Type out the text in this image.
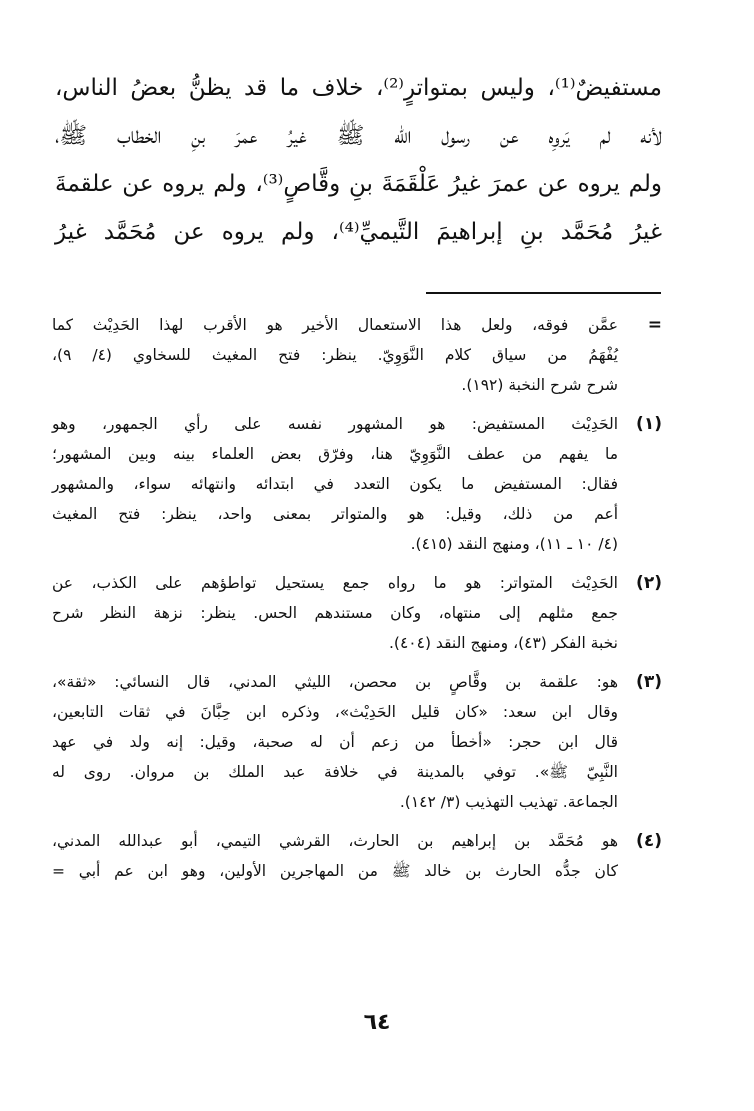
مستفيضٌ⁽¹⁾، وليس بمتواترٍ⁽²⁾، خلاف ما قد يظنُّ بعضُ الناس،
لأنه لم يَروِه عن رسول الله ﷺ غيرُ عمرَ بنِ الخطاب ﷺ،
ولم يروه عن عمرَ غيرُ عَلْقَمَةَ بنِ وقَّاصٍ⁽³⁾، ولم يروه عن علقمةَ
غيرُ مُحَمَّد بنِ إبراهيمَ التَّيميِّ⁽⁴⁾، ولم يروه عن مُحَمَّد غيرُ
=
عمَّن فوقه، ولعل هذا الاستعمال الأخير هو الأقرب لهذا الحَدِيْث كما
يُفْهَمُ من سياق كلام النَّوَوِيّ. ينظر: فتح المغيث للسخاوي (٤/ ٩)،
شرح شرح النخبة (١٩٢).
(١)
الحَدِيْث المستفيض: هو المشهور نفسه على رأي الجمهور، وهو
ما يفهم من عطف النَّوَوِيّ هنا، وفرّق بعض العلماء بينه وبين المشهور؛
فقال: المستفيض ما يكون التعدد في ابتدائه وانتهائه سواء، والمشهور
أعم من ذلك، وقيل: هو والمتواتر بمعنى واحد، ينظر: فتح المغيث
(٤/ ١٠ ـ ١١)، ومنهج النقد (٤١٥).
(٢)
الحَدِيْث المتواتر: هو ما رواه جمع يستحيل تواطؤهم على الكذب، عن
جمع مثلهم إلى منتهاه، وكان مستندهم الحس. ينظر: نزهة النظر شرح
نخبة الفكر (٤٣)، ومنهج النقد (٤٠٤).
(٣)
هو: علقمة بن وقَّاصٍ بن محصن، الليثي المدني، قال النسائي: «ثقة»،
وقال ابن سعد: «كان قليل الحَدِيْث»، وذكره ابن حِبَّانَ في ثقات التابعين،
قال ابن حجر: «أخطأ من زعم أن له صحبة، وقيل: إنه ولد في عهد
النَّبِيّ ﷺ». توفي بالمدينة في خلافة عبد الملك بن مروان. روى له
الجماعة. تهذيب التهذيب (٣/ ١٤٢).
(٤)
هو مُحَمَّد بن إبراهيم بن الحارث، القرشي التيمي، أبو عبدالله المدني،
كان جدُّه الحارث بن خالد ﷺ من المهاجرين الأولين، وهو ابن عم أبي =
٦٤
